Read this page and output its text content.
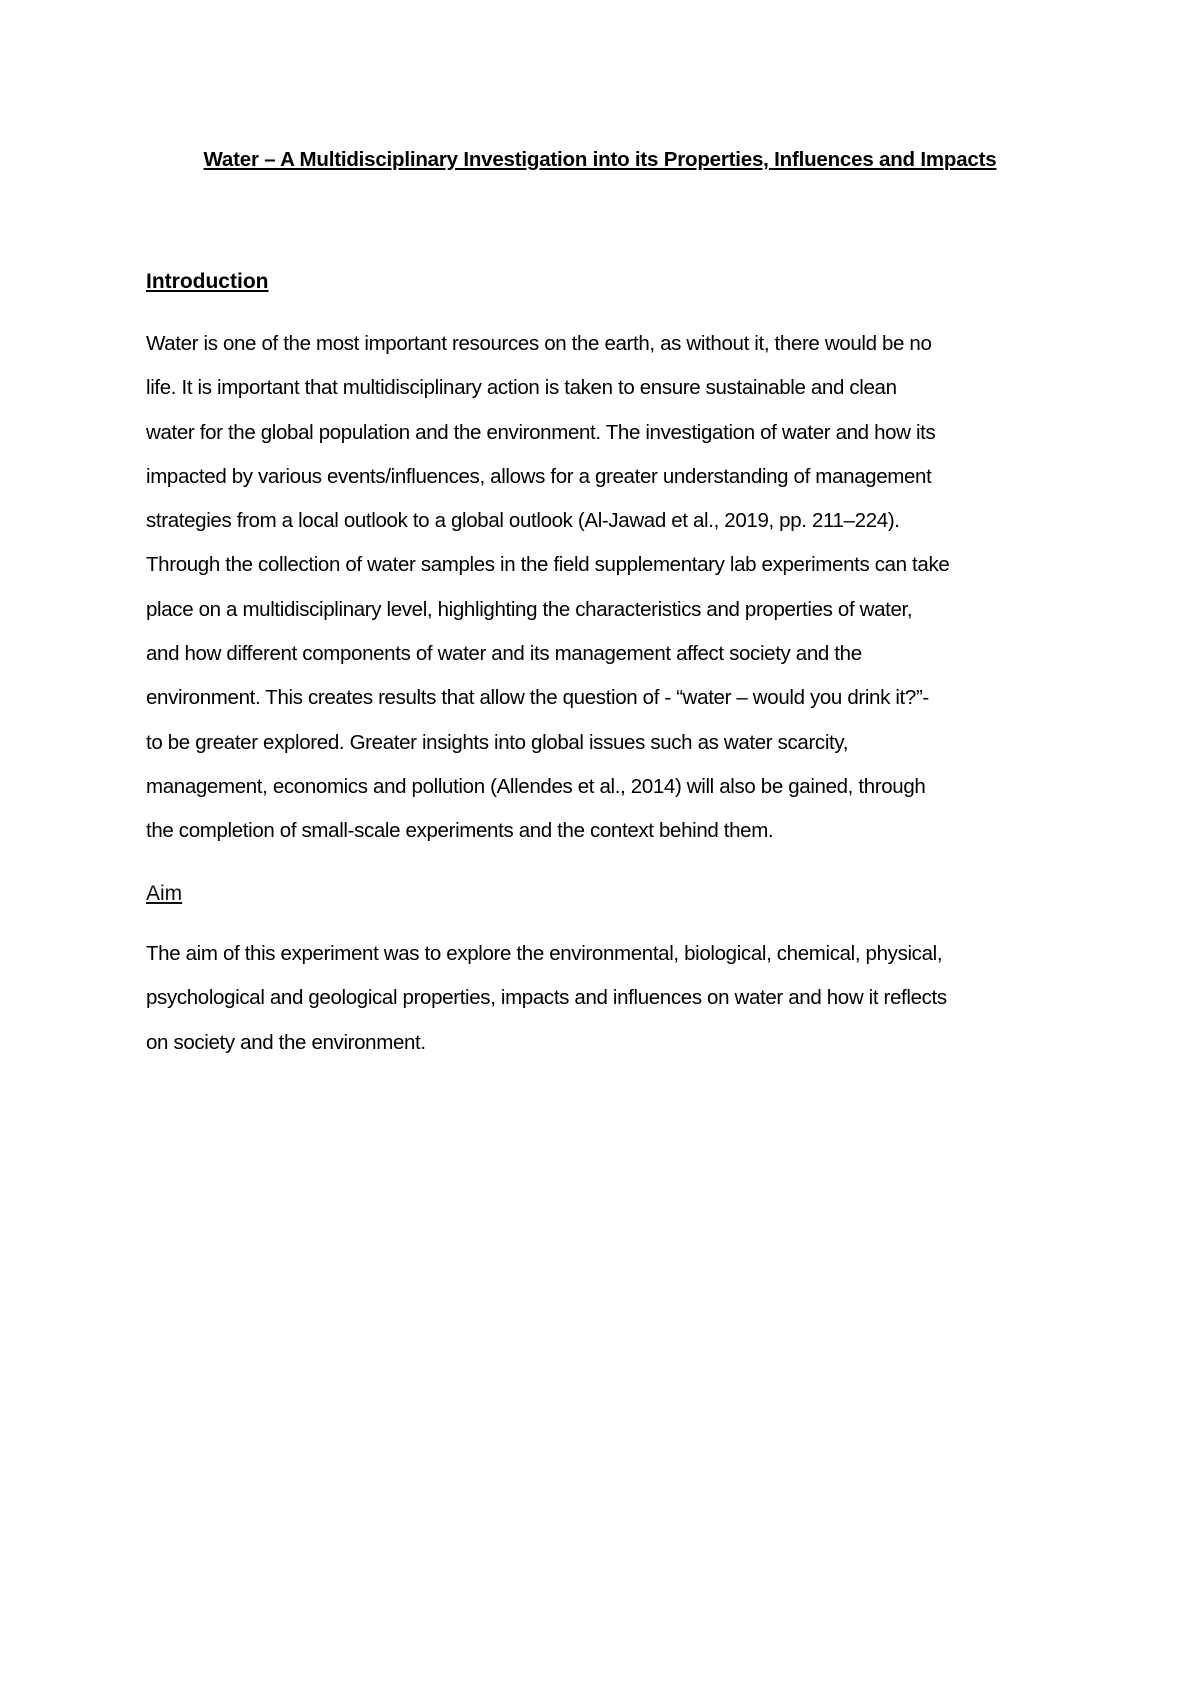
Water – A Multidisciplinary Investigation into its Properties, Influences and Impacts
Introduction
Water is one of the most important resources on the earth, as without it, there would be no
life. It is important that multidisciplinary action is taken to ensure sustainable and clean
water for the global population and the environment. The investigation of water and how its
impacted by various events/influences, allows for a greater understanding of management
strategies from a local outlook to a global outlook (Al-Jawad et al., 2019, pp. 211–224).
Through the collection of water samples in the field supplementary lab experiments can take
place on a multidisciplinary level, highlighting the characteristics and properties of water,
and how different components of water and its management affect society and the
environment. This creates results that allow the question of - “water – would you drink it?”-
to be greater explored. Greater insights into global issues such as water scarcity,
management, economics and pollution (Allendes et al., 2014) will also be gained, through
the completion of small-scale experiments and the context behind them.
Aim
The aim of this experiment was to explore the environmental, biological, chemical, physical,
psychological and geological properties, impacts and influences on water and how it reflects
on society and the environment.
